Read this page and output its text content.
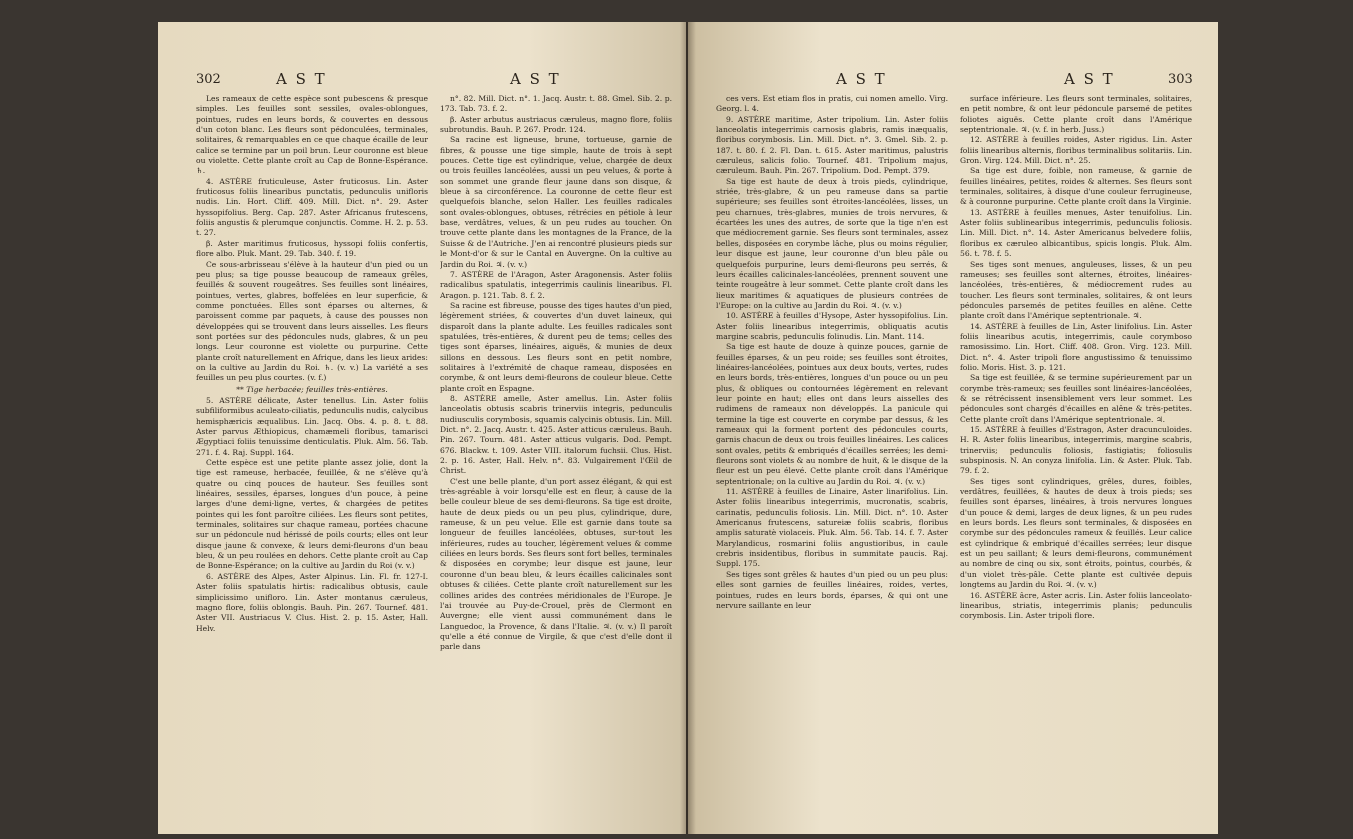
302	A S T	A S T

Les rameaux de cette espèce sont pubescens & presque simples. Les feuilles sont sessiles, ovales-oblongues, pointues, rudes en leurs bords, & couvertes en dessous d'un coton blanc. Les fleurs sont pédonculées, terminales, solitaires, & remarquables en ce que chaque écaille de leur calice se termine par un poil brun. Leur couronne est bleue ou violette. Cette plante croît au Cap de Bonne-Espérance. ♄.

4. ASTÈRE fruticuleuse, Aster fruticosus. Lin. Aster fruticosus foliis linearibus punctatis, pedunculis unifloris nudis. Lin. Hort. Cliff. 409. Mill. Dict. n°. 29. Aster hyssopifolius. Berg. Cap. 287. Aster Africanus frutescens, foliis angustis & plerumque conjunctis. Comme. H. 2. p. 53. t. 27.

β. Aster maritimus fruticosus, hyssopi foliis confertis, flore albo. Pluk. Mant. 29. Tab. 340. f. 19.

Ce sous-arbrisseau s'élève à la hauteur d'un pied ou un peu plus; sa tige pousse beaucoup de rameaux grêles, feuillés & souvent rougeâtres. Ses feuilles sont linéaires, pointues, vertes, glabres, boffelées en leur superficie, & comme ponctuées. Elles sont éparses ou alternes, & paroissent comme par paquets, à cause des pousses non développées qui se trouvent dans leurs aisselles. Les fleurs sont portées sur des pédoncules nuds, glabres, & un peu longs. Leur couronne est violette ou purpurine. Cette plante croît naturellement en Afrique, dans les lieux arides: on la cultive au Jardin du Roi. ♄. (v. v.) La variété a ses feuilles un peu plus courtes. (v. f.)

** Tige herbacée; feuilles très-entières.

5. ASTÈRE délicate, Aster tenellus. Lin. Aster foliis subfiliformibus aculeato-ciliatis, pedunculis nudis, calycibus hemisphæricis æqualibus. Lin. Jacq. Obs. 4. p. 8. t. 88. Aster parvus Æthiopicus, chamæmeli floribus, tamarisci Ægyptiaci foliis tenuissime denticulatis. Pluk. Alm. 56. Tab. 271. f. 4. Raj. Suppl. 164.

Cette espèce est une petite plante assez jolie, dont la tige est rameuse, herbacée, feuillée, & ne s'élève qu'à quatre ou cinq pouces de hauteur. Ses feuilles sont linéaires, sessiles, éparses, longues d'un pouce, à peine larges d'une demi-ligne, vertes, & chargées de petites pointes qui les font paroître ciliées. Les fleurs sont petites, terminales, solitaires sur chaque rameau, portées chacune sur un pédoncule nud hérissé de poils courts; elles ont leur disque jaune & convexe, & leurs demi-fleurons d'un beau bleu, & un peu roulées en dehors. Cette plante croît au Cap de Bonne-Espérance; on la cultive au Jardin du Roi (v. v.)

6. ASTÈRE des Alpes, Aster Alpinus. Lin. Fl. fr. 127-I. Aster foliis spatulatis hirtis: radicalibus obtusis, caule simplicissimo unifloro. Lin. Aster montanus cæruleus, magno flore, foliis oblongis. Bauh. Pin. 267. Tournef. 481. Aster VII. Austriacus V. Clus. Hist. 2. p. 15. Aster, Hall. Helv.

n°. 82. Mill. Dict. n°. 1. Jacq. Austr. t. 88. Gmel. Sib. 2. p. 173. Tab. 73. f. 2.

β. Aster arbutus austriacus cæruleus, magno flore, foliis subrotundis. Bauh. P. 267. Prodr. 124.

Sa racine est ligneuse, brune, tortueuse, garnie de fibres, & pousse une tige simple, haute de trois à sept pouces. Cette tige est cylindrique, velue, chargée de deux ou trois feuilles lancéolées, aussi un peu velues, & porte à son sommet une grande fleur jaune dans son disque, & bleue à sa circonférence. La couronne de cette fleur est quelquefois blanche, selon Haller. Les feuilles radicales sont ovales-oblongues, obtuses, rétrécies en pétiole à leur base, verdâtres, velues, & un peu rudes au toucher. On trouve cette plante dans les montagnes de la France, de la Suisse & de l'Autriche. J'en ai rencontré plusieurs pieds sur le Mont-d'or & sur le Cantal en Auvergne. On la cultive au Jardin du Roi. ♃. (v. v.)

7. ASTÈRE de l'Aragon, Aster Aragonensis. Aster foliis radicalibus spatulatis, integerrimis caulinis linearibus. Fl. Aragon. p. 121. Tab. 8. f. 2.

Sa racine est fibreuse, pousse des tiges hautes d'un pied, légèrement striées, & couvertes d'un duvet laineux, qui disparoît dans la plante adulte. Les feuilles radicales sont spatulées, très-entières, & durent peu de tems; celles des tiges sont éparses, linéaires, aiguës, & munies de deux sillons en dessous. Les fleurs sont en petit nombre, solitaires à l'extrémité de chaque rameau, disposées en corymbe, & ont leurs demi-fleurons de couleur bleue. Cette plante croît en Espagne.

8. ASTÈRE amelle, Aster amellus. Lin. Aster foliis lanceolatis obtusis scabris trinerviis integris, pedunculis nudiusculis corymbosis, squamis calycinis obtusis. Lin. Mill. Dict. n°. 2. Jacq. Austr. t. 425. Aster atticus cæruleus. Bauh. Pin. 267. Tourn. 481. Aster atticus vulgaris. Dod. Pempt. 676. Blackw. t. 109. Aster VIII. italorum fuchsii. Clus. Hist. 2. p. 16. Aster, Hall. Helv. n°. 83. Vulgairement l'Œil de Christ.

C'est une belle plante, d'un port assez élégant, & qui est très-agréable à voir lorsqu'elle est en fleur, à cause de la belle couleur bleue de ses demi-fleurons. Sa tige est droite, haute de deux pieds ou un peu plus, cylindrique, dure, rameuse, & un peu velue. Elle est garnie dans toute sa longueur de feuilles lancéolées, obtuses, sur-tout les inférieures, rudes au toucher, légèrement velues & comme ciliées en leurs bords. Ses fleurs sont fort belles, terminales & disposées en corymbe; leur disque est jaune, leur couronne d'un beau bleu, & leurs écailles calicinales sont obtuses & ciliées. Cette plante croît naturellement sur les collines arides des contrées méridionales de l'Europe. Je l'ai trouvée au Puy-de-Crouel, près de Clermont en Auvergne; elle vient aussi communément dans le Languedoc, la Provence, & dans l'Italie. ♃. (v. v.) Il paroît qu'elle a été connue de Virgile, & que c'est d'elle dont il parle dans

A S T	A S T	303

ces vers. Est etiam flos in pratis, cui nomen amello. Virg. Georg. l. 4.

9. ASTÈRE maritime, Aster tripolium. Lin. Aster foliis lanceolatis integerrimis carnosis glabris, ramis inæqualis, floribus corymbosis. Lin. Mill. Dict. n°. 3. Gmel. Sib. 2. p. 187. t. 80. f. 2. Fl. Dan. t. 615. Aster maritimus, palustris cæruleus, salicis folio. Tournef. 481. Tripolium majus, cæruleum. Bauh. Pin. 267. Tripolium. Dod. Pempt. 379.

Sa tige est haute de deux à trois pieds, cylindrique, striée, très-glabre, & un peu rameuse dans sa partie supérieure; ses feuilles sont étroites-lancéolées, lisses, un peu charnues, très-glabres, munies de trois nervures, & écartées les unes des autres, de sorte que la tige n'en est que médiocrement garnie. Ses fleurs sont terminales, assez belles, disposées en corymbe lâche, plus ou moins régulier, leur disque est jaune, leur couronne d'un bleu pâle ou quelquefois purpurine, leurs demi-fleurons peu serrés, & leurs écailles calicinales-lancéolées, prennent souvent une teinte rougeâtre à leur sommet. Cette plante croît dans les lieux maritimes & aquatiques de plusieurs contrées de l'Europe: on la cultive au Jardin du Roi. ♃. (v. v.)

10. ASTÈRE à feuilles d'Hysope, Aster hyssopifolius. Lin. Aster foliis linearibus integerrimis, obliquatis acutis margine scabris, pedunculis folinudis. Lin. Mant. 114.

Sa tige est haute de douze à quinze pouces, garnie de feuilles éparses, & un peu roide; ses feuilles sont étroites, linéaires-lancéolées, pointues aux deux bouts, vertes, rudes en leurs bords, très-entières, longues d'un pouce ou un peu plus, & obliques ou contournées légèrement en relevant leur pointe en haut; elles ont dans leurs aisselles des rudimens de rameaux non développés. La panicule qui termine la tige est couverte en corymbe par dessus, & les rameaux qui la forment portent des pédoncules courts, garnis chacun de deux ou trois feuilles linéaires. Les calices sont ovales, petits & embriqués d'écailles serrées; les demi-fleurons sont violets & au nombre de huit, & le disque de la fleur est un peu élevé. Cette plante croît dans l'Amérique septentrionale; on la cultive au Jardin du Roi. ♃. (v. v.)

11. ASTÈRE à feuilles de Linaire, Aster linarifolius. Lin. Aster foliis linearibus integerrimis, mucronatis, scabris, carinatis, pedunculis foliosis. Lin. Mill. Dict. n°. 10. Aster Americanus frutescens, satureiæ foliis scabris, floribus amplis saturatè violaceis. Pluk. Alm. 56. Tab. 14. f. 7. Aster Marylandicus, rosmarini foliis angustioribus, in caule crebris insidentibus, floribus in summitate paucis. Raj. Suppl. 175.

Ses tiges sont grêles & hautes d'un pied ou un peu plus: elles sont garnies de feuilles linéaires, roides, vertes, pointues, rudes en leurs bords, éparses, & qui ont une nervure saillante en leur

surface inférieure. Les fleurs sont terminales, solitaires, en petit nombre, & ont leur pédoncule parsemé de petites foliotes aiguës. Cette plante croît dans l'Amérique septentrionale. ♃. (v. f. in herb. Juss.)

12. ASTÈRE à feuilles roides, Aster rigidus. Lin. Aster foliis linearibus alternis, floribus terminalibus solitariis. Lin. Gron. Virg. 124. Mill. Dict. n°. 25.

Sa tige est dure, foible, non rameuse, & garnie de feuilles linéaires, petites, roides & alternes. Ses fleurs sont terminales, solitaires, à disque d'une couleur ferrugineuse, & à couronne purpurine. Cette plante croît dans la Virginie.

13. ASTÈRE à feuilles menues, Aster tenuifolius. Lin. Aster foliis sublinearibus integerrimis, pedunculis foliosis. Lin. Mill. Dict. n°. 14. Aster Americanus belvedere foliis, floribus ex cæruleo albicantibus, spicis longis. Pluk. Alm. 56. t. 78. f. 5.

Ses tiges sont menues, anguleuses, lisses, & un peu rameuses; ses feuilles sont alternes, étroites, linéaires-lancéolées, très-entières, & médiocrement rudes au toucher. Les fleurs sont terminales, solitaires, & ont leurs pédoncules parsemés de petites feuilles en alêne. Cette plante croît dans l'Amérique septentrionale. ♃.

14. ASTÈRE à feuilles de Lin, Aster linifolius. Lin. Aster foliis linearibus acutis, integerrimis, caule corymboso ramosissimo. Lin. Hort. Cliff. 408. Gron. Virg. 123. Mill. Dict. n°. 4. Aster tripoli flore angustissimo & tenuissimo folio. Moris. Hist. 3. p. 121.

Sa tige est feuillée, & se termine supérieurement par un corymbe très-rameux; ses feuilles sont linéaires-lancéolées, & se rétrécissent insensiblement vers leur sommet. Les pédoncules sont chargés d'écailles en alêne & très-petites. Cette plante croît dans l'Amérique septentrionale. ♃.

15. ASTÈRE à feuilles d'Estragon, Aster dracunculoides. H. R. Aster foliis linearibus, integerrimis, margine scabris, trinerviis; pedunculis foliosis, fastigiatis; foliosulis subspinosis. N. An conyza linifolia. Lin. & Aster. Pluk. Tab. 79. f. 2.

Ses tiges sont cylindriques, grêles, dures, foibles, verdâtres, feuillées, & hautes de deux à trois pieds; ses feuilles sont éparses, linéaires, à trois nervures longues d'un pouce & demi, larges de deux lignes, & un peu rudes en leurs bords. Les fleurs sont terminales, & disposées en corymbe sur des pédoncules rameux & feuillés. Leur calice est cylindrique & embriqué d'écailles serrées; leur disque est un peu saillant; & leurs demi-fleurons, communément au nombre de cinq ou six, sont étroits, pointus, courbés, & d'un violet très-pâle. Cette plante est cultivée depuis longtems au Jardin du Roi. ♃. (v. v.)

16. ASTÈRE âcre, Aster acris. Lin. Aster foliis lanceolato-linearibus, striatis, integerrimis planis; pedunculis corymbosis. Lin. Aster tripoli flore.
